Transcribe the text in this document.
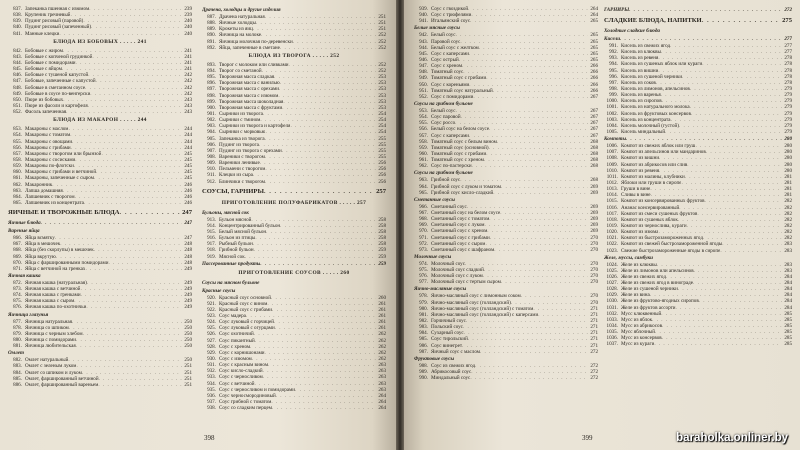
837. Запеканка пшенная с изюмом . . .	239
838. Крупеник гречневый . . .	239
839. Пудинг рисовый (паровой) . . .	240
840. Пудинг рисовый (запеченный) . . .	240
841. Манные клецки . . .	240
БЛЮДА ИЗ БОБОВЫХ . . . . . 241
842. Бобовые с жиром . . .	241
843. Бобовые с копченой грудинкой . . .	241
844. Бобовые с помидорами . . .	241
845. Бобовые с яйцом . . .	241
846. Бобовые с тушеной капустой . . .	242
847. Бобовые, запеченные с капустой . . .	242
848. Бобовые в сметанном соусе . . .	242
849. Бобовые в соусе по-венгерски . . .	242
850. Пюре из бобовых . . .	243
851. Пюре из фасоли и картофеля . . .	243
852. Фасоль запеченная . . .	243
БЛЮДА ИЗ МАКАРОН . . . . . 244
853. Макароны с маслом . . .	244
854. Макароны с томатом . . .	244
855. Макароны с овощами . . .	244
856. Макароны с грибами . . .	244
857. Макароны с творогом или брынзой . . .	245
858. Макароны с сосисками . . .	245
859. Макароны по-флотски . . .	245
860. Макароны с грибами и ветчиной . . .	245
861. Макароны, запеченные с сыром . . .	245
862. Макаронник . . .	246
863. Лапша домашняя . . .	246
864. Лапшевник с творогом . . .	246
865. Лапшевник из концентрата . . .	246
ЯИЧНЫЕ И ТВОРОЖНЫЕ БЛЮДА . . .	247
Яичные блюда . . .	247
Вареные яйца
866. Яйца всмятку . . .	247
867. Яйца в мешочек . . .	248
868. Яйца (без скорлупы) в мешочек . . .	248
869. Яйца вкрутую . . .	248
870. Яйца с фаршированными помидорами . . .	248
871. Яйца с ветчиной на гренках . . .	249
Яичная кашка
872. Яичная кашка (натуральная) . . .	249
873. Яичная кашка с ветчиной . . .	249
874. Яичная кашка с гренками . . .	249
875. Яичная кашка с сыром . . .	249
876. Яичная кашка по-охотничьи . . .	249
Яичница глазунья
877. Яичница натуральная . . .	250
878. Яичница со шпиком . . .	250
879. Яичница с черным хлебом . . .	250
880. Яичница с помидорами . . .	250
881. Яичница любительская . . .	250
Омлет
882. Омлет натуральный . . .	250
883. Омлет с зеленым луком . . .	251
884. Омлет со шпиком и луком . . .	251
885. Омлет, фаршированный ветчиной . . .	251
886. Омлет, фаршированный вареньем . . .	251
Драчена, холодцы и другие изделия
887. Драчена натуральная . . .	251
888. Яичные холодцы . . .	251
889. Крокеты из яиц . . .	251
890. Яичница на молоке . . .	252
891. Яичница молочная по-деревенски . . .	252
892. Яйца, запеченные в сметане . . .	252
БЛЮДА ИЗ ТВОРОГА . . . . . 252
893. Творог с молоком или сливками . . .	252
894. Творог со сметаной . . .	252
895. Творожная масса сладкая . . .	253
896. Творожная масса с ванилью . . .	253
897. Творожная масса с орехами . . .	253
898. Творожная масса с изюмом . . .	253
899. Творожная масса шоколадная . . .	253
900. Творожная масса с фруктами . . .	253
901. Сырники из творога . . .	254
902. Сырники с тмином . . .	254
903. Сырники из творога и картофеля . . .	254
904. Сырники с морковью . . .	254
905. Запеканка из творога . . .	255
906. Пудинг из творога . . .	255
907. Пудинг из творога с орехами . . .	255
908. Вареники с творогом . . .	255
909. Вареники ленивые . . .	256
910. Пельмени с творогом . . .	256
911. Клецки из сыра . . .	256
912. Блинчики с творогом . . .	256
СОУСЫ, ГАРНИРЫ . . .	257
ПРИГОТОВЛЕНИЕ ПОЛУФАБРИКАТОВ . . . . . 257
Бульоны, мясной сок
913. Бульон мясной . . .	258
914. Концентрированный бульон . . .	258
915. Белый мясной бульон . . .	258
916. Бульон из птицы . . .	258
917. Рыбный бульон . . .	258
918. Грибной бульон . . .	259
919. Мясной сок . . .	259
Пассерованные продукты . . .	259
ПРИГОТОВЛЕНИЕ СОУСОВ . . . . . 260
Соусы на мясном бульоне
Красные соусы
920. Красный соус основной . . .	260
921. Красный соус с вином . . .	261
922. Красный соус с грибами . . .	261
923. Соус мадера . . .	261
924. Соус луковый с горчицей . . .	261
925. Соус луковый с огурцами . . .	261
926. Соус охотничий . . .	262
927. Соус пикантный . . .	262
928. Соус с хреном . . .	262
929. Соус с корнишонами . . .	262
930. Соус с изюмом . . .	262
931. Соус с красным вином . . .	263
932. Соус кисло-сладкий . . .	263
933. Соус с черносливом . . .	263
934. Соус с ветчиной . . .	263
935. Соус с черносливом и помидорами . . .	263
936. Соус черносмородиновый . . .	264
937. Соус грибной с томатом . . .	264
938. Соус со сладким перцем . . .	264
398
939. Соус с гвоздикой . . .	264
940. Соус с трюфелями . . .	264
941. Итальянский соус . . .	265
Белые мясные соусы
942. Белый соус . . .	265
943. Паровой соус . . .	265
944. Белый соус с желтком . . .	265
945. Соус с каперсами . . .	265
946. Соус острый . . .	265
947. Соус с хреном . . .	266
948. Томатный соус . . .	266
949. Томатный соус с грибами . . .	266
950. Соус с кореньями . . .	266
951. Томатный соус натуральный . . .	266
952. Соус с помидорами . . .	267
Соусы на грибном бульоне
953. Белый соус . . .	267
954. Соус паровой . . .	267
955. Соус россо . . .	267
956. Белый соус на белом соусе . . .	267
957. Соус с каперсами . . .	267
958. Томатный соус с белым вином . . .	268
959. Томатный соус (основной) . . .	268
960. Томатный соус с грибами . . .	268
961. Томатный соус с хреном . . .	268
962. Соус по-пастерски . . .	268
Соусы на грибном бульоне
963. Грибной соус . . .	268
964. Грибной соус с луком и томатом . . .	269
965. Грибной соус кисло-сладкий . . .	269
Сметанные соусы
966. Сметанный соус . . .	269
967. Сметанный соус на белом соусе . . .	269
968. Сметанный соус с томатом . . .	269
969. Сметанный соус с луком . . .	269
970. Сметанный соус с хреном . . .	269
971. Сметанный соус с грибами . . .	270
972. Сметанный соус с сыром . . .	270
973. Сметанный соус с шафраном . . .	270
Молочные соусы
974. Молочный соус . . .	270
975. Молочный соус сладкий . . .	270
976. Молочный соус с луком . . .	270
977. Молочный соус с тертым сыром . . .	270
Яично-масляные соусы
978. Яично-масляный соус с лимонным соком . . .	270
979. Яично-масляный соус (голландский) . . .	270
980. Яично-масляный соус (голландский) с томатом . . .	271
981. Яично-масляный соус (голландский) с каперсами . . .	271
982. Горчичный соус . . .	271
983. Польский соус . . .	271
984. Сухарный соус . . .	271
985. Соус тирольский . . .	271
986. Соус винегрет . . .	271
987. Яичный соус с маслом . . .	272
Фруктовые соусы
988. Соус из свежих ягод . . .	272
989. Абрикосовый соус . . .	272
990. Миндальный соус . . .	272
ГАРНИРЫ . . .	272
СЛАДКИЕ БЛЮДА, НАПИТКИ . . .	275
Холодные сладкие блюда
Кисели . . .	277
991. Кисель из свежих ягод . . .	277
992. Кисель из клюквы . . .	277
993. Кисель из ревеня . . .	278
994. Кисель из сушеных яблок или кураги . . .	278
995. Кисель из вишни . . .	278
996. Кисель из сушеной черники . . .	278
997. Кисель из соков . . .	278
998. Кисель из лимонов, апельсинов . . .	279
999. Кисель из варенья . . .	279
1000. Кисель из сиропов . . .	279
1001. Кисель из натурального молока . . .	279
1002. Кисель из фруктовых консервов . . .	279
1003. Кисель из концентрата . . .	279
1004. Кисель молочный (густой) . . .	279
1005. Кисель миндальный . . .	279
Компоты . . .	280
1006. Компот из свежих яблок или груш . . .	280
1007. Компот из апельсинов или мандаринов . . .	280
1008. Компот из вишни . . .	280
1009. Компот из абрикосов или слив . . .	280
1010. Компот из ревеня . . .	280
1011. Компот из малины, клубники . . .	281
1012. Яблоки или груши в сиропе . . .	281
1013. Груши в вине . . .	281
1014. Сливы в вине . . .	281
1015. Компот из консервированных фруктов . . .	282
1016. Ананас консервированный . . .	282
1017. Компот из смеси сушеных фруктов . . .	282
1018. Компот из сушеных яблок . . .	282
1019. Компот из чернослива, кураги . . .	282
1020. Компот из изюма . . .	282
1021. Компот из быстрозамороженных ягод . . .	282
1022. Компот из свежей быстрозамороженной ягоды . . .	283
1023. Свежие быстрозамороженные ягоды в сиропе . . .	283
Желе, муссы, самбуки
1024. Желе из клюквы . . .	283
1025. Желе из лимонов или апельсинов . . .	283
1026. Желе из свежих ягод . . .	284
1027. Желе из свежих ягод в винограде . . .	284
1028. Желе из сушеной черники . . .	284
1029. Желе из вина . . .	284
1030. Желе из фруктово-ягодных сиропов . . .	284
1031. Желе из фруктов ассорти . . .	284
1032. Мусс клюквенный . . .	285
1033. Мусс из яблок . . .	285
1034. Мусс из абрикосов . . .	285
1035. Мусс яблочный . . .	285
1036. Мусс из консервов . . .	285
1037. Мусс из кураги . . .	285
399	baraholka.onliner.by
